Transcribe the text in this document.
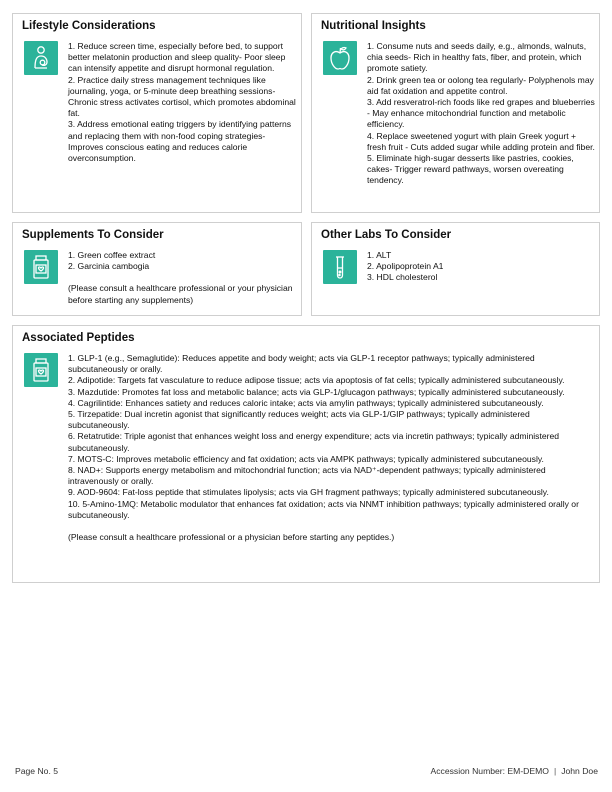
Lifestyle Considerations

1. Reduce screen time, especially before bed, to support better melatonin production and sleep quality- Poor sleep can intensify appetite and disrupt hormonal regulation.

2. Practice daily stress management techniques like journaling, yoga, or 5-minute deep breathing sessions- Chronic stress activates cortisol, which promotes abdominal fat.

3. Address emotional eating triggers by identifying patterns and replacing them with non-food coping strategies- Improves conscious eating and reduces calorie overconsumption.

Nutritional Insights

1. Consume nuts and seeds daily, e.g., almonds, walnuts, chia seeds- Rich in healthy fats, fiber, and protein, which promote satiety.

2. Drink green tea or oolong tea regularly- Polyphenols may aid fat oxidation and appetite control.

3. Add resveratrol-rich foods like red grapes and blueberries - May enhance mitochondrial function and metabolic efficiency.

4. Replace sweetened yogurt with plain Greek yogurt + fresh fruit - Cuts added sugar while adding protein and fiber.

5. Eliminate high-sugar desserts like pastries, cookies, cakes- Trigger reward pathways, worsen overeating tendency.

Supplements To Consider

1. Green coffee extract

2. Garcinia cambogia

(Please consult a healthcare professional or your physician before starting any supplements)

Other Labs To Consider

1. ALT

2. Apolipoprotein A1

3. HDL cholesterol

Associated Peptides

1. GLP-1 (e.g., Semaglutide): Reduces appetite and body weight; acts via GLP-1 receptor pathways; typically administered subcutaneously or orally.

2. Adipotide: Targets fat vasculature to reduce adipose tissue; acts via apoptosis of fat cells; typically administered subcutaneously.

3. Mazdutide: Promotes fat loss and metabolic balance; acts via GLP-1/glucagon pathways; typically administered subcutaneously.

4. Cagrilintide: Enhances satiety and reduces caloric intake; acts via amylin pathways; typically administered subcutaneously.

5. Tirzepatide: Dual incretin agonist that significantly reduces weight; acts via GLP-1/GIP pathways; typically administered subcutaneously.

6. Retatrutide: Triple agonist that enhances weight loss and energy expenditure; acts via incretin pathways; typically administered subcutaneously.

7. MOTS-C: Improves metabolic efficiency and fat oxidation; acts via AMPK pathways; typically administered subcutaneously.

8. NAD+: Supports energy metabolism and mitochondrial function; acts via NAD⁺-dependent pathways; typically administered intravenously or orally.

9. AOD-9604: Fat-loss peptide that stimulates lipolysis; acts via GH fragment pathways; typically administered subcutaneously.

10. 5-Amino-1MQ: Metabolic modulator that enhances fat oxidation; acts via NNMT inhibition pathways; typically administered orally or subcutaneously.

(Please consult a healthcare professional or a physician before starting any peptides.)

Page No. 5	Accession Number: EM-DEMO | John Doe
